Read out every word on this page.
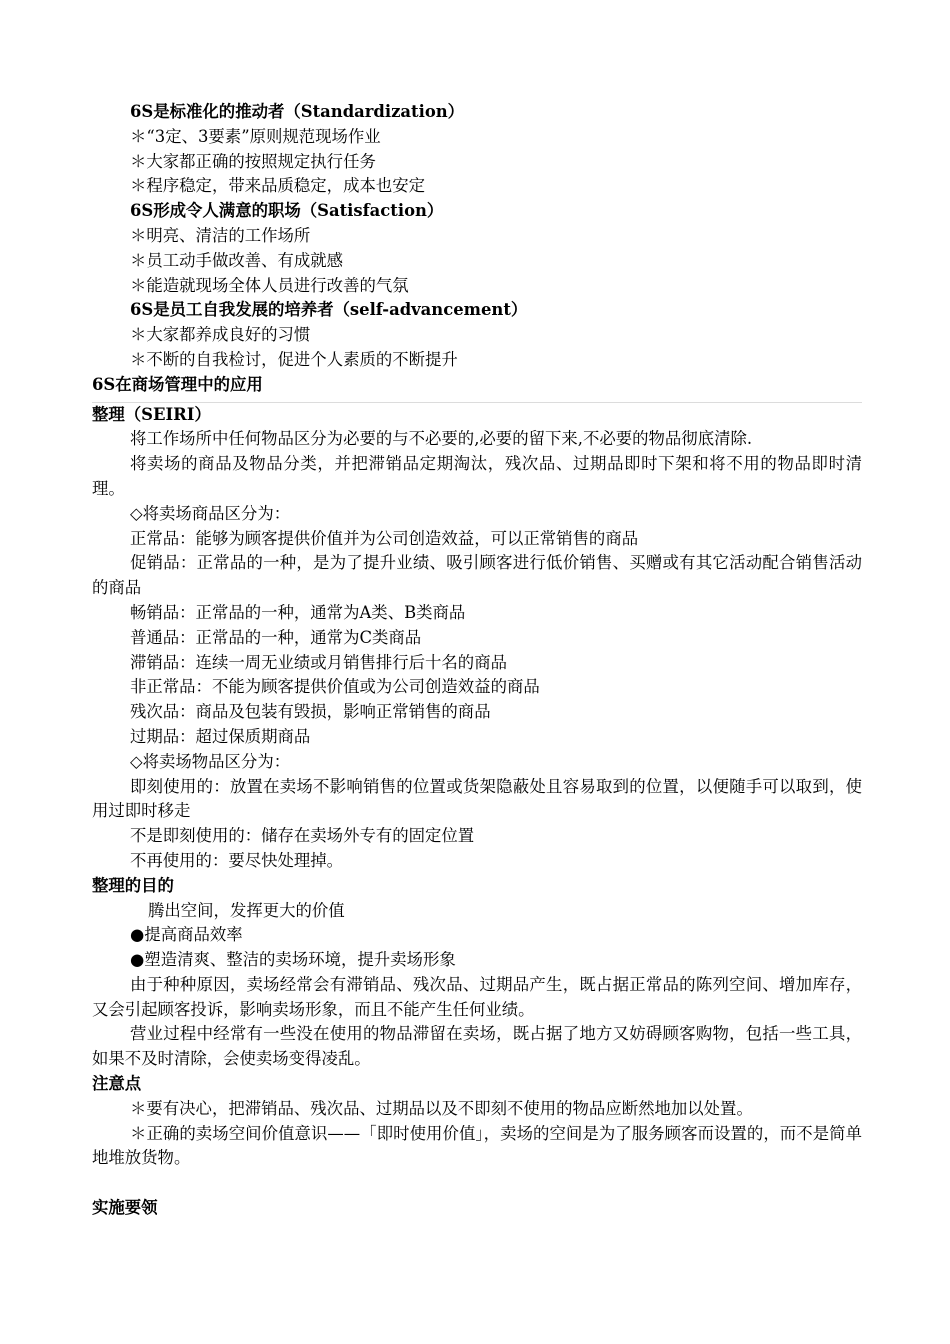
6S是标准化的推动者（Standardization）

＊“3定、3要素”原则规范现场作业

＊大家都正确的按照规定执行任务

＊程序稳定，带来品质稳定，成本也安定

6S形成令人满意的职场（Satisfaction）

＊明亮、清洁的工作场所

＊员工动手做改善、有成就感

＊能造就现场全体人员进行改善的气氛

6S是员工自我发展的培养者（self-advancement）

＊大家都养成良好的习惯

＊不断的自我检讨，促进个人素质的不断提升

6S在商场管理中的应用

整理（SEIRI）

将工作场所中任何物品区分为必要的与不必要的,必要的留下来,不必要的物品彻底清除.

将卖场的商品及物品分类，并把滞销品定期淘汰，残次品、过期品即时下架和将不用的物品即时清理。

◇将卖场商品区分为：

正常品：能够为顾客提供价值并为公司创造效益，可以正常销售的商品

促销品：正常品的一种，是为了提升业绩、吸引顾客进行低价销售、买赠或有其它活动配合销售活动的商品

畅销品：正常品的一种，通常为A类、B类商品

普通品：正常品的一种，通常为C类商品

滞销品：连续一周无业绩或月销售排行后十名的商品

非正常品：不能为顾客提供价值或为公司创造效益的商品

残次品：商品及包装有毁损，影响正常销售的商品

过期品：超过保质期商品

◇将卖场物品区分为：

即刻使用的：放置在卖场不影响销售的位置或货架隐蔽处且容易取到的位置，以便随手可以取到，使用过即时移走

不是即刻使用的：储存在卖场外专有的固定位置

不再使用的：要尽快处理掉。

整理的目的

腾出空间，发挥更大的价值

●提高商品效率

●塑造清爽、整洁的卖场环境，提升卖场形象

由于种种原因，卖场经常会有滞销品、残次品、过期品产生，既占据正常品的陈列空间、增加库存，又会引起顾客投诉，影响卖场形象，而且不能产生任何业绩。

营业过程中经常有一些没在使用的物品滞留在卖场，既占据了地方又妨碍顾客购物，包括一些工具，如果不及时清除，会使卖场变得凌乱。

注意点

＊要有决心，把滞销品、残次品、过期品以及不即刻不使用的物品应断然地加以处置。

＊正确的卖场空间价值意识——「即时使用价值」，卖场的空间是为了服务顾客而设置的，而不是简单地堆放货物。

实施要领
